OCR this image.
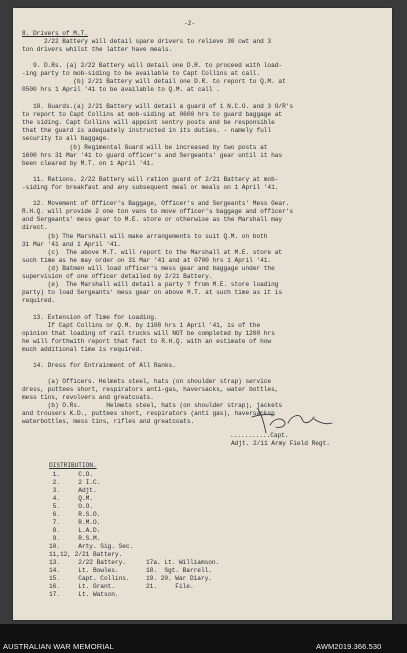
-2-

8. Drivers of M.T.

2/22 Battery will detail spare drivers to relieve 30 cwt and 3

ton drivers whilst the latter have meals.

9. D.Rs. (a) 2/22 Battery will detail one D.R. to proceed with load-

-ing party to mob-siding to be available to Capt Collins at call.

(b) 2/21 Battery will detail one D.R. to report to Q.M. at

0500 hrs 1 April '41 to be available to Q.M. at call .

10. Guards.(a) 2/21 Battery will detail a guard of 1 N.C.O. and 3 O/R's

to report to Capt Collins at mob-siding at 0600 hrs to guard baggage at

the siding. Capt Collins will appoint sentry posts and be responsible

that the guard is adequately instructed in its duties. - namely full

security to all baggage.

(b) Regimental Guard will be increased by two posts at

1600 hrs 31 Mar '41 to guard officer's and Sergeants' gear until it has

been cleared by M.T. on 1 April '41.

11. Rations. 2/22 Battery will ration guard of 2/21 Battery at mob-

-siding for breakfast and any subsequent meal or meals on 1 April '41.

12. Movement of Officer's Baggage, Officer's and Sergeants' Mess Gear.

R.H.Q. will provide 2 one ton vans to move officer's baggage and officer's

and Sergeants' mess gear to M.E. store or otherwise as the Marshall may

direct.

(b) The Marshall will make arrangements to suit Q.M. on both

31 Mar '41 and 1 April '41.

(c)  The above M.T. will report to the Marshall at M.E. store at

such time as he may order on 31 Mar '41 and at 0700 hrs 1 April '41.

(d) Batmen will load officer's mess gear and baggage under the

supervision of one officer detailed by 2/21 Battery.

(e)  The Marshall will detail a party ? from M.E. store loading

party) to load Sergeants' mess gear on above M.T. at such time as it is

required.

13. Extension of Time for Loading.

If Capt Collins or Q.M. by 1100 hrs 1 April '41, is of the

opinion that loading of rail trucks will NOT be completed by 1200 hrs

he will forthwith report that fact to R.H.Q. with an estimate of how

much additional time is required.

14. Dress for Entrainment of All Ranks.

(a) Officers. Helmets steel, hats (on shoulder strap) service

dress, puttees short, respirators anti-gas, haversacks, water bottles,

mess tins, revolvers and greatcoats.

(b) O.Rs.       Helmets steel, hats (on shoulder strap), jackets

and trousers K.D., puttees short, respirators (anti gas), haversacksp

waterbottles, mess tins, rifles and greatcoats.

...........Capt.

Adjt. 2/11 Army Field Regt.

DISTRIBUTION.

1.     C.O.

2.     2 I.C.

3.     Adjt.

4.     Q.M.

5.     O.O.

6.     R.S.O.

7.     R.M.O.

8.     L.A.D.

9.     R.S.M.

10.     Arty. Sig. Sec.

11,12, 2/21 Battery.

13.     2/22 Battery.

14.     Lt. Bowles.

15.     Capt. Collins.

16.     Lt. Grant.

17.     Lt. Watson.

17a. Lt. Williamson.

18.  Sgt. Barrell.

19. 20. War Diary.

21.     File.

AUSTRALIAN WAR MEMORIAL	AWM2019.366.530
